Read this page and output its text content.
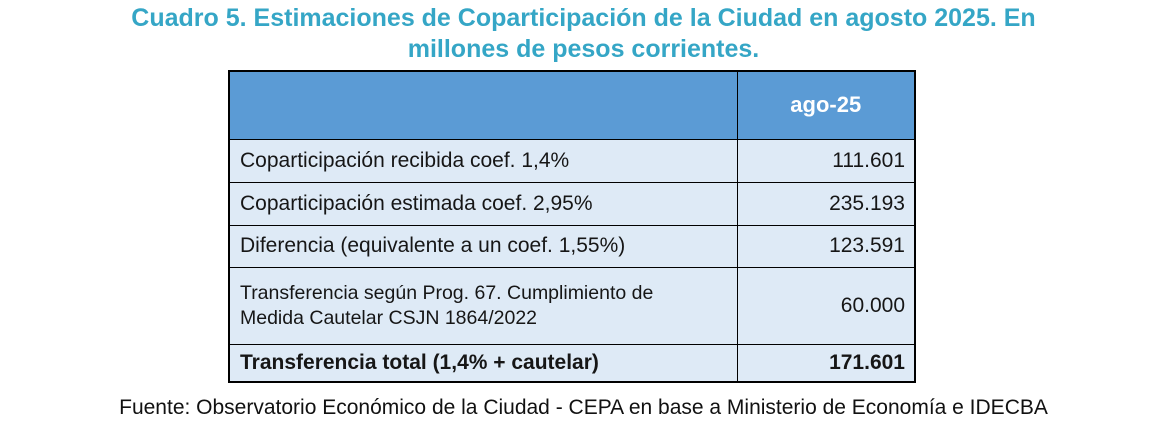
Cuadro 5. Estimaciones de Coparticipación de la Ciudad en agosto 2025. En
millones de pesos corrientes.
	ago-25
Coparticipación recibida coef. 1,4%	111.601
Coparticipación estimada coef. 2,95%	235.193
Diferencia (equivalente a un coef. 1,55%)	123.591

Transferencia según Prog. 67. Cumplimiento de Medida Cautelar CSJN 1864/2022	60.000
Transferencia total (1,4% + cautelar)	171.601
Fuente: Observatorio Económico de la Ciudad - CEPA en base a Ministerio de Economía e IDECBA
